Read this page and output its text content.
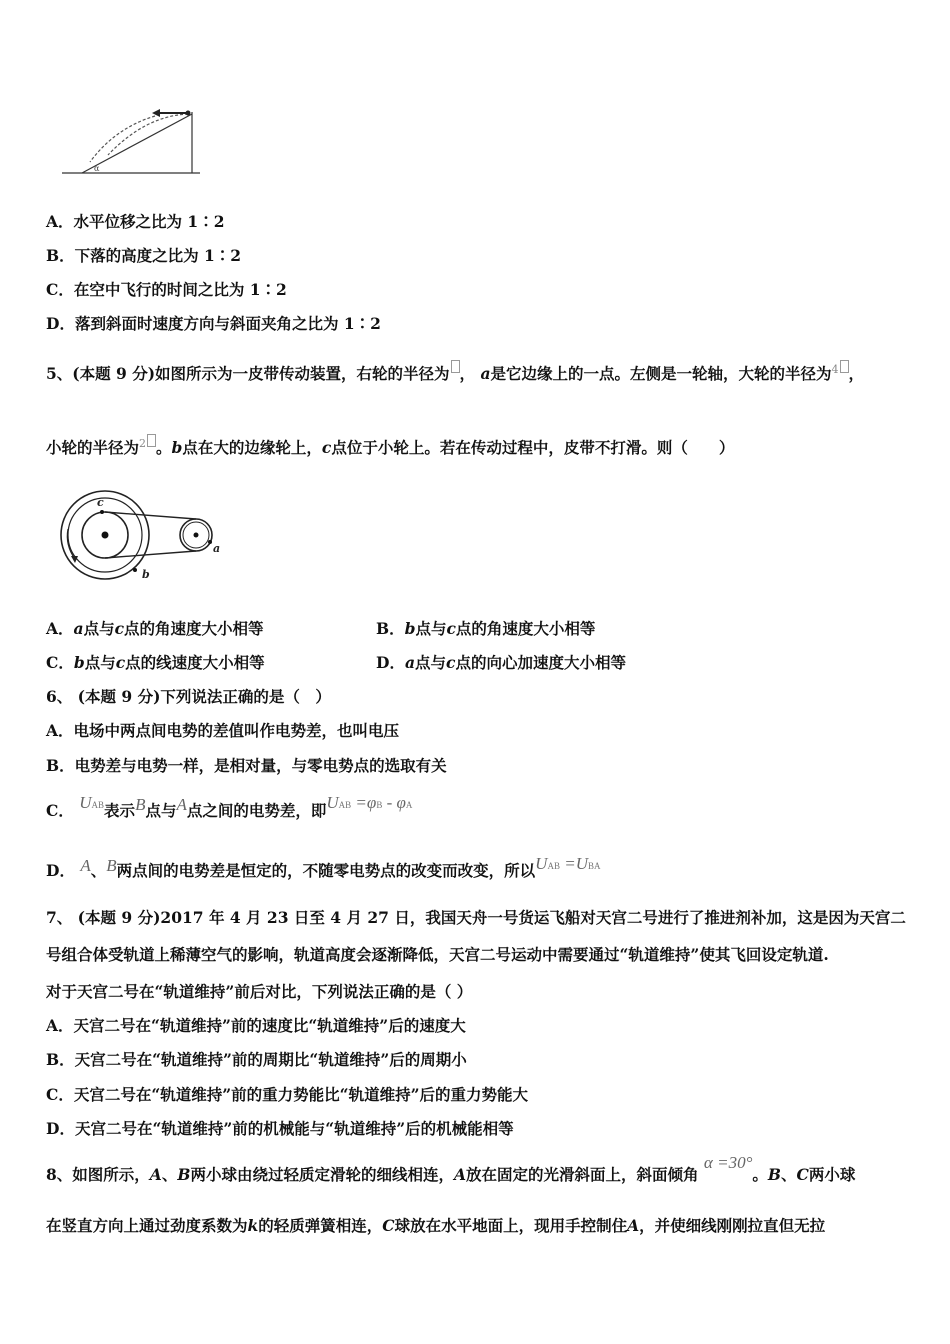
α
A．水平位移之比为 1∶2
B．下落的高度之比为 1∶2
C．在空中飞行的时间之比为 1∶2
D．落到斜面时速度方向与斜面夹角之比为 1∶2
5、(本题 9 分)如图所示为一皮带传动装置，右轮的半径为 ， a是它边缘上的一点。左侧是一轮轴，大轮的半径为$^4$ ，
小轮的半径为$^2$ 。b点在大的边缘轮上，c点位于小轮上。若在传动过程中，皮带不打滑。则（　　）
c
b
a
A．a点与c点的角速度大小相等	B．b点与c点的角速度大小相等
C．b点与c点的线速度大小相等	D．a点与c点的向心加速度大小相等
6、 (本题 9 分)下列说法正确的是（　）
A．电场中两点间电势的差值叫作电势差，也叫电压
B．电势差与电势一样，是相对量，与零电势点的选取有关
C． UAB表示B点与A点之间的电势差，即UAB =φB - φA
D． A、B两点间的电势差是恒定的，不随零电势点的改变而改变，所以UAB =UBA
7、 (本题 9 分)2017 年 4 月 23 日至 4 月 27 日，我国天舟一号货运飞船对天宫二号进行了推进剂补加，这是因为天宫二
号组合体受轨道上稀薄空气的影响，轨道高度会逐渐降低，天宫二号运动中需要通过“轨道维持”使其飞回设定轨道.
对于天宫二号在“轨道维持”前后对比，下列说法正确的是（ ）
A．天宫二号在“轨道维持”前的速度比“轨道维持”后的速度大
B．天宫二号在“轨道维持”前的周期比“轨道维持”后的周期小
C．天宫二号在“轨道维持”前的重力势能比“轨道维持”后的重力势能大
D．天宫二号在“轨道维持”前的机械能与“轨道维持”后的机械能相等
8、如图所示，A、B两小球由绕过轻质定滑轮的细线相连，A放在固定的光滑斜面上，斜面倾角 α =30°。B、C两小球
在竖直方向上通过劲度系数为k的轻质弹簧相连，C球放在水平地面上，现用手控制住A，并使细线刚刚拉直但无拉
